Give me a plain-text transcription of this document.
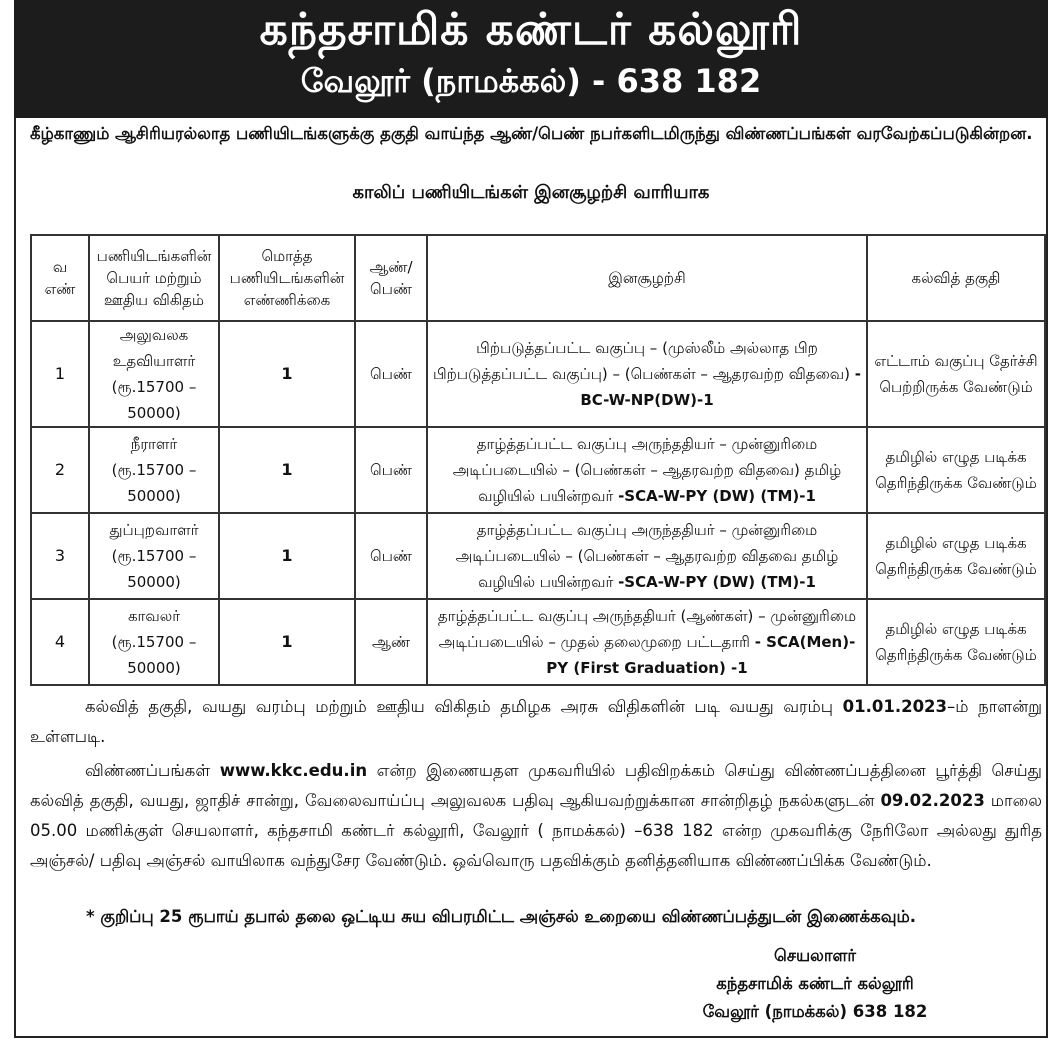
கந்தசாமிக் கண்டர் கல்லூரி
வேலூர் (நாமக்கல்) - 638 182
கீழ்காணும் ஆசிரியரல்லாத பணியிடங்களுக்கு தகுதி வாய்ந்த ஆண்/பெண் நபர்களிடமிருந்து விண்ணப்பங்கள் வரவேற்கப்படுகின்றன.
காலிப் பணியிடங்கள் இனசூழற்சி வாரியாக
வ எண்	பணியிடங்களின் பெயர் மற்றும் ஊதிய விகிதம்	மொத்த பணியிடங்களின் எண்ணிக்கை	ஆண்/ பெண்	இனசூழற்சி	கல்வித் தகுதி
1	அலுவலக உதவியாளர் (ரூ.15700 – 50000)	1	பெண்	பிற்படுத்தப்பட்ட வகுப்பு – (முஸ்லீம் அல்லாத பிற பிற்படுத்தப்பட்ட வகுப்பு) – (பெண்கள் – ஆதரவற்ற விதவை) -BC-W-NP(DW)-1	எட்டாம் வகுப்பு தேர்ச்சி பெற்றிருக்க வேண்டும்
2	நீராளர் (ரூ.15700 – 50000)	1	பெண்	தாழ்த்தப்பட்ட வகுப்பு அருந்ததியர் – முன்னுரிமை அடிப்படையில் – (பெண்கள் – ஆதரவற்ற விதவை) தமிழ் வழியில் பயின்றவர் -SCA-W-PY (DW) (TM)-1	தமிழில் எழுத படிக்க தெரிந்திருக்க வேண்டும்
3	துப்புறவாளர் (ரூ.15700 – 50000)	1	பெண்	தாழ்த்தப்பட்ட வகுப்பு அருந்ததியர் – முன்னுரிமை அடிப்படையில் – (பெண்கள் – ஆதரவற்ற விதவை தமிழ் வழியில் பயின்றவர் -SCA-W-PY (DW) (TM)-1	தமிழில் எழுத படிக்க தெரிந்திருக்க வேண்டும்
4	காவலர் (ரூ.15700 – 50000)	1	ஆண்	தாழ்த்தப்பட்ட வகுப்பு அருந்ததியர் (ஆண்கள்) – முன்னுரிமை அடிப்படையில் – முதல் தலைமுறை பட்டதாரி - SCA(Men)-PY (First Graduation) -1	தமிழில் எழுத படிக்க தெரிந்திருக்க வேண்டும்
கல்வித் தகுதி, வயது வரம்பு மற்றும் ஊதிய விகிதம் தமிழக அரசு விதிகளின் படி வயது வரம்பு 01.01.2023–ம் நாளன்று உள்ளபடி.
விண்ணப்பங்கள் www.kkc.edu.in என்ற இணையதள முகவரியில் பதிவிறக்கம் செய்து விண்ணப்பத்தினை பூர்த்தி செய்து கல்வித் தகுதி, வயது, ஜாதிச் சான்று, வேலைவாய்ப்பு அலுவலக பதிவு ஆகியவற்றுக்கான சான்றிதழ் நகல்களுடன் 09.02.2023 மாலை 05.00 மணிக்குள் செயலாளர், கந்தசாமி கண்டர் கல்லூரி, வேலூர் ( நாமக்கல்) –638 182 என்ற முகவரிக்கு நேரிலோ அல்லது துரித அஞ்சல்/ பதிவு அஞ்சல் வாயிலாக வந்துசேர வேண்டும். ஒவ்வொரு பதவிக்கும் தனித்தனியாக விண்ணப்பிக்க வேண்டும்.
* குறிப்பு 25 ரூபாய் தபால் தலை ஒட்டிய சுய விபரமிட்ட அஞ்சல் உறையை விண்ணப்பத்துடன் இணைக்கவும்.
செயலாளர்
கந்தசாமிக் கண்டர் கல்லூரி
வேலூர் (நாமக்கல்) 638 182
